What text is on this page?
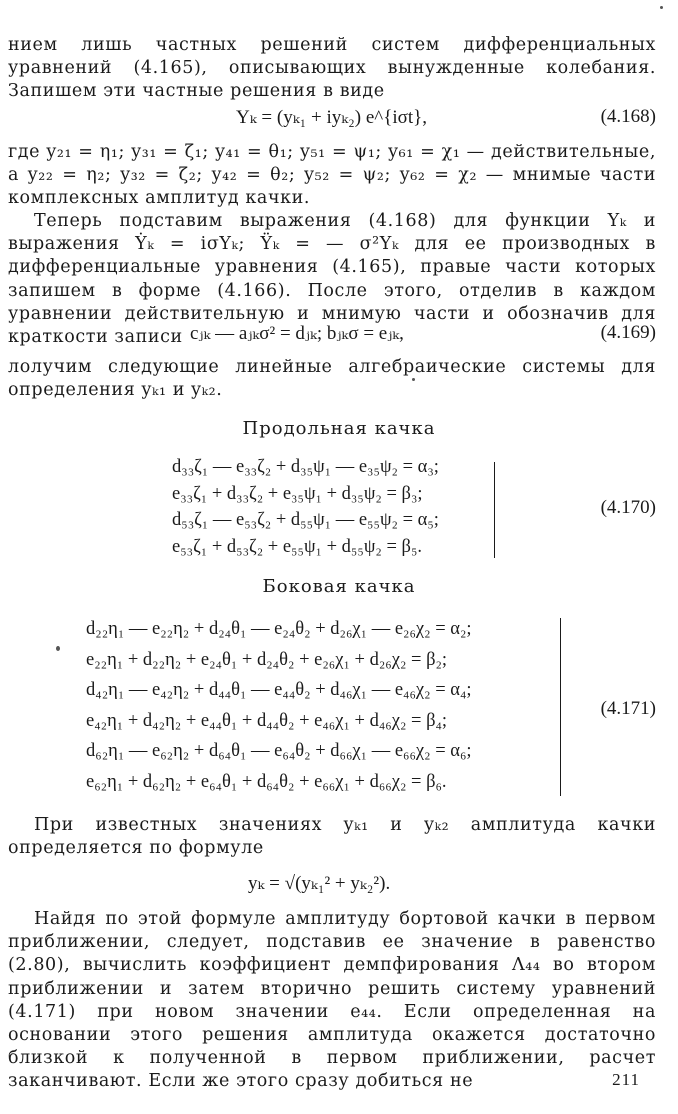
нием лишь частных решений систем дифференциальных уравнений (4.165), описывающих вынужденные колебания. Запишем эти частные решения в виде

Yₖ = (yₖ₁ + iyₖ₂) e^{iσt},	(4.168)

где y₂₁ = η₁; y₃₁ = ζ₁; y₄₁ = θ₁; y₅₁ = ψ₁; y₆₁ = χ₁ — действительные, а y₂₂ = η₂; y₃₂ = ζ₂; y₄₂ = θ₂; y₅₂ = ψ₂; y₆₂ = χ₂ — мнимые части комплексных амплитуд качки.

Теперь подставим выражения (4.168) для функции Yₖ и выражения Ẏₖ = iσYₖ; Ÿₖ = — σ²Yₖ для ее производных в дифференциальные уравнения (4.165), правые части которых запишем в форме (4.166). После этого, отделив в каждом уравнении действительную и мнимую части и обозначив для краткости записи cⱼₖ — aⱼₖσ² = dⱼₖ; bⱼₖσ = eⱼₖ,	(4.169)

лолучим следующие линейные алгебраические системы для определения yₖ₁ и yₖ₂.

Продольная качка
d₃₃ζ₁ — e₃₃ζ₂ + d₃₅ψ₁ — e₃₅ψ₂ = α₃;
e₃₃ζ₁ + d₃₃ζ₂ + e₃₅ψ₁ + d₃₅ψ₂ = β₃;
d₅₃ζ₁ — e₅₃ζ₂ + d₅₅ψ₁ — e₅₅ψ₂ = α₅;
e₅₃ζ₁ + d₅₃ζ₂ + e₅₅ψ₁ + d₅₅ψ₂ = β₅.
(4.170)
Боковая качка
d₂₂η₁ — e₂₂η₂ + d₂₄θ₁ — e₂₄θ₂ + d₂₆χ₁ — e₂₆χ₂ = α₂;
e₂₂η₁ + d₂₂η₂ + e₂₄θ₁ + d₂₄θ₂ + e₂₆χ₁ + d₂₆χ₂ = β₂;
d₄₂η₁ — e₄₂η₂ + d₄₄θ₁ — e₄₄θ₂ + d₄₆χ₁ — e₄₆χ₂ = α₄;
e₄₂η₁ + d₄₂η₂ + e₄₄θ₁ + d₄₄θ₂ + e₄₆χ₁ + d₄₆χ₂ = β₄;
d₆₂η₁ — e₆₂η₂ + d₆₄θ₁ — e₆₄θ₂ + d₆₆χ₁ — e₆₆χ₂ = α₆;
e₆₂η₁ + d₆₂η₂ + e₆₄θ₁ + d₆₄θ₂ + e₆₆χ₁ + d₆₆χ₂ = β₆.
(4.171)

При известных значениях yₖ₁ и yₖ₂ амплитуда качки определяется по формуле

yₖ = √(yₖ₁² + yₖ₂²).

Найдя по этой формуле амплитуду бортовой качки в первом приближении, следует, подставив ее значение в равенство (2.80), вычислить коэффициент демпфирования Λ₄₄ во втором приближении и затем вторично решить систему уравнений (4.171) при новом значении e₄₄. Если определенная на основании этого решения амплитуда окажется достаточно близкой к полученной в первом приближении, расчет заканчивают. Если же этого сразу добиться не	211
